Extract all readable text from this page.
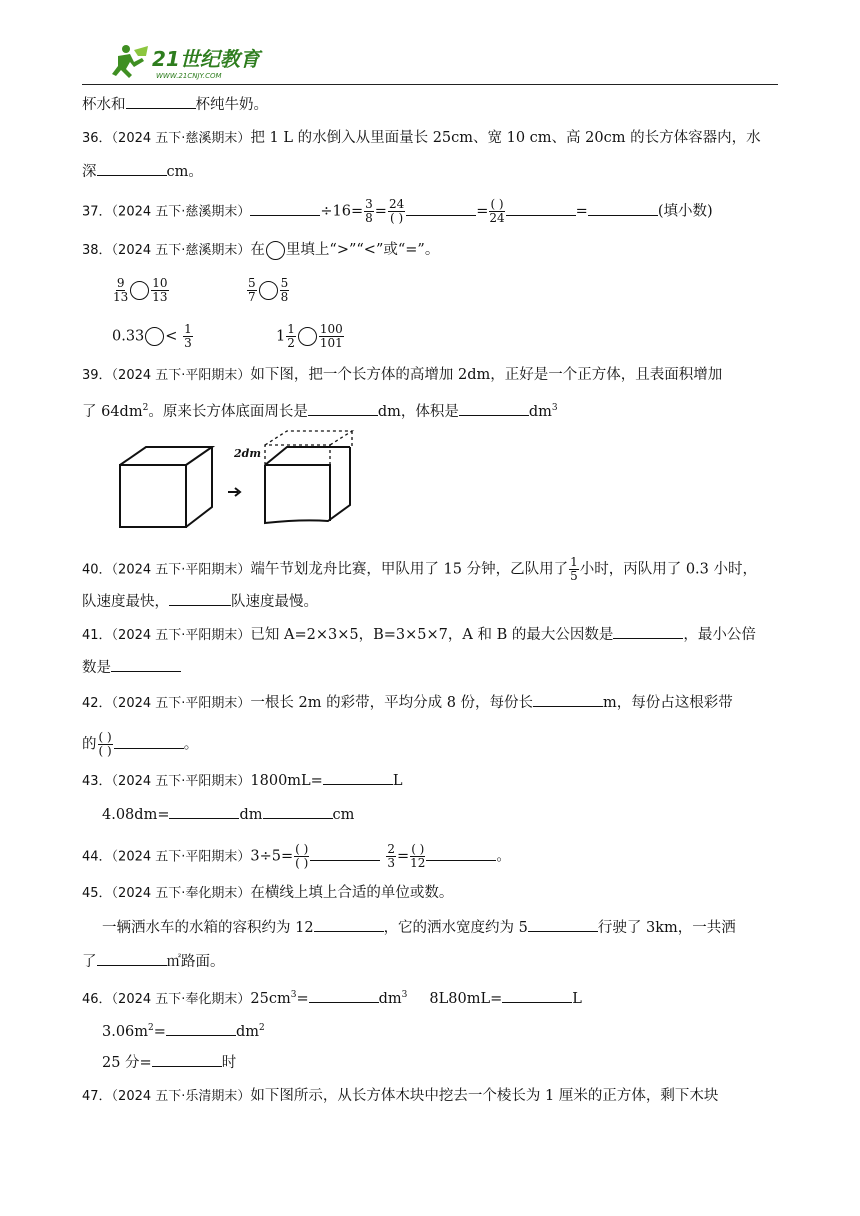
21世纪教育
WWW.21CNJY.COM
杯水和	杯纯牛奶。
36．（2024 五下·慈溪期末）把 1 L 的水倒入从里面量长 25cm、宽 10 cm、高 20cm 的长方体容器内，水
深	cm。
37．（2024 五下·慈溪期末）	$\div 16= \frac{3}{8} = \frac{24}{( )}$	= $\frac{( )}{24}$	=	(填小数)
38．（2024 五下·慈溪期末）在 里填上“>”“<”或“=”。
$\frac{9}{13} \frac{10}{13}$	$\frac{5}{7} \frac{5}{8}$
$0.33 < \frac{1}{3}$	$1 \frac{1}{2} \frac{100}{101}$
39．（2024 五下·平阳期末）如下图，把一个长方体的高增加 2dm，正好是一个正方体，且表面积增加
了 $64dm^2$。原来长方体底面周长是	dm，体积是	$dm^3$
2dm
40．（2024 五下·平阳期末）端午节划龙舟比赛，甲队用了 15 分钟，乙队用了 $\frac{1}{5}$ 小时，丙队用了 0.3 小时，
队速度最快，	队速度最慢。
41．（2024 五下·平阳期末）已知 A=2×3×5，B=3×5×7，A 和 B 的最大公因数是	，最小公倍
数是
42．（2024 五下·平阳期末）一根长 2m 的彩带，平均分成 8 份，每份长	m，每份占这根彩带
的 $\frac{( )}{( )}$	。
43．（2024 五下·平阳期末）1800mL=	L
4.08dm=	dm	cm
44．（2024 五下·平阳期末）$3\div 5= \frac{( )}{( )}$	$\frac{2}{3} = \frac{( )}{12}$	。
45．（2024 五下·奉化期末）在横线上填上合适的单位或数。
一辆洒水车的水箱的容积约为 12	，它的洒水宽度约为 5	行驶了 3km，一共洒
了	㎡路面。
46．（2024 五下·奉化期末）$25cm^3=$	$dm^3$ 8L80mL=	L
$3.06m^2=$	$dm^2$
25 分=	时
47．（2024 五下·乐清期末）如下图所示，从长方体木块中挖去一个棱长为 1 厘米的正方体，剩下木块
